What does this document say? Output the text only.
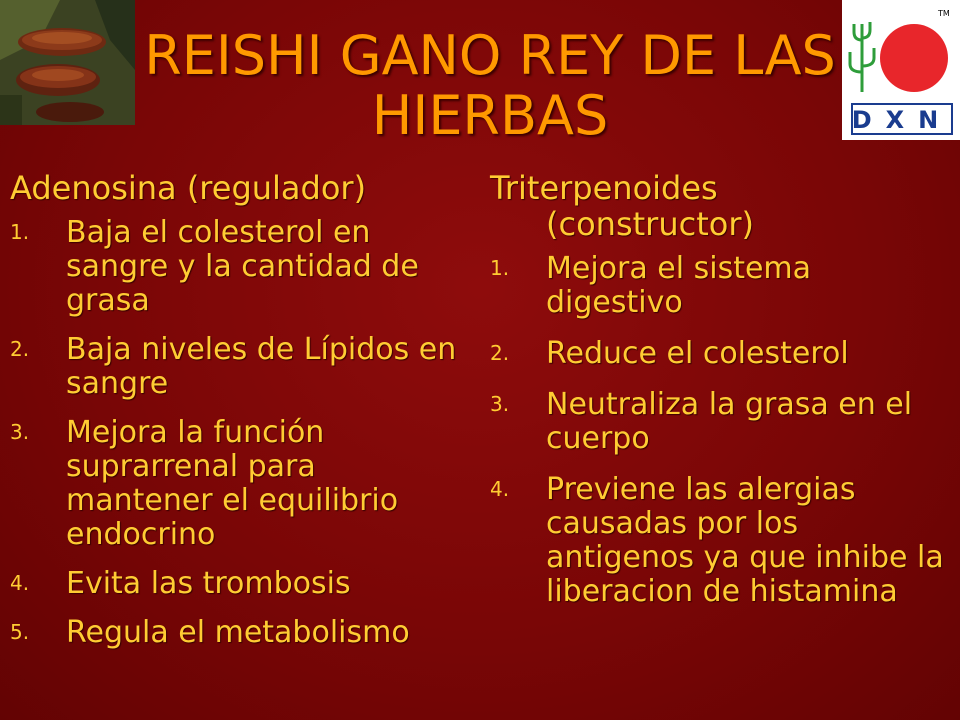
TM
DXN
REISHI GANO REY DE LAS HIERBAS
Adenosina (regulador)
1.	Baja el colesterol en sangre y la cantidad de grasa
2.	Baja niveles de Lípidos en sangre
3.	Mejora la función suprarrenal para mantener el equilibrio endocrino
4.	Evita las trombosis
5.	Regula el metabolismo
Triterpenoides
(constructor)
1.	Mejora el sistema digestivo
2.	Reduce el colesterol
3.	Neutraliza la grasa en el cuerpo
4.	Previene las alergias causadas por los antigenos ya que inhibe la liberacion de histamina
